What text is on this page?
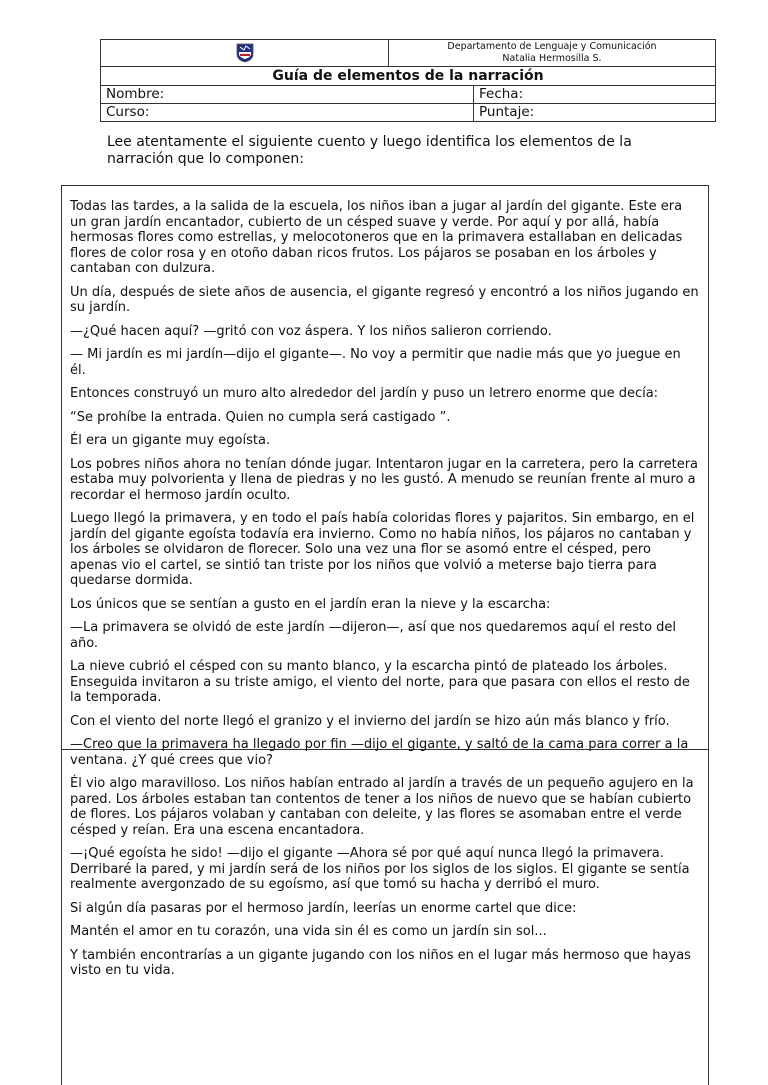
Departamento de Lenguaje y Comunicación
Natalia Hermosilla S.
Guía de elementos de la narración
Nombre:	Fecha:
Curso:	Puntaje:
Lee atentamente el siguiente cuento y luego identifica los elementos de la narración que lo componen:

Todas las tardes, a la salida de la escuela, los niños iban a jugar al jardín del gigante. Este era un gran jardín encantador, cubierto de un césped suave y verde. Por aquí y por allá, había hermosas flores como estrellas, y melocotoneros que en la primavera estallaban en delicadas flores de color rosa y en otoño daban ricos frutos. Los pájaros se posaban en los árboles y cantaban con dulzura.

Un día, después de siete años de ausencia, el gigante regresó y encontró a los niños jugando en su jardín.

—¿Qué hacen aquí? —gritó con voz áspera. Y los niños salieron corriendo.

— Mi jardín es mi jardín—dijo el gigante—. No voy a permitir que nadie más que yo juegue en él.

Entonces construyó un muro alto alrededor del jardín y puso un letrero enorme que decía:

“Se prohíbe la entrada. Quien no cumpla será castigado ”.

Él era un gigante muy egoísta.

Los pobres niños ahora no tenían dónde jugar. Intentaron jugar en la carretera, pero la carretera estaba muy polvorienta y llena de piedras y no les gustó. A menudo se reunían frente al muro a recordar el hermoso jardín oculto.

Luego llegó la primavera, y en todo el país había coloridas flores y pajaritos. Sin embargo, en el jardín del gigante egoísta todavía era invierno. Como no había niños, los pájaros no cantaban y los árboles se olvidaron de florecer. Solo una vez una flor se asomó entre el césped, pero apenas vio el cartel, se sintió tan triste por los niños que volvió a meterse bajo tierra para quedarse dormida.

Los únicos que se sentían a gusto en el jardín eran la nieve y la escarcha:

—La primavera se olvidó de este jardín —dijeron—, así que nos quedaremos aquí el resto del año.

La nieve cubrió el césped con su manto blanco, y la escarcha pintó de plateado los árboles. Enseguida invitaron a su triste amigo, el viento del norte, para que pasara con ellos el resto de la temporada.

Con el viento del norte llegó el granizo y el invierno del jardín se hizo aún más blanco y frío.

—Creo que la primavera ha llegado por fin —dijo el gigante, y saltó de la cama para correr a la ventana. ¿Y qué crees que vio?

Él vio algo maravilloso. Los niños habían entrado al jardín a través de un pequeño agujero en la pared. Los árboles estaban tan contentos de tener a los niños de nuevo que se habían cubierto de flores. Los pájaros volaban y cantaban con deleite, y las flores se asomaban entre el verde césped y reían. Era una escena encantadora.

—¡Qué egoísta he sido! —dijo el gigante —Ahora sé por qué aquí nunca llegó la primavera. Derribaré la pared, y mi jardín será de los niños por los siglos de los siglos. El gigante se sentía realmente avergonzado de su egoísmo, así que tomó su hacha y derribó el muro.

Si algún día pasaras por el hermoso jardín, leerías un enorme cartel que dice:

Mantén el amor en tu corazón, una vida sin él es como un jardín sin sol...

Y también encontrarías a un gigante jugando con los niños en el lugar más hermoso que hayas visto en tu vida.
